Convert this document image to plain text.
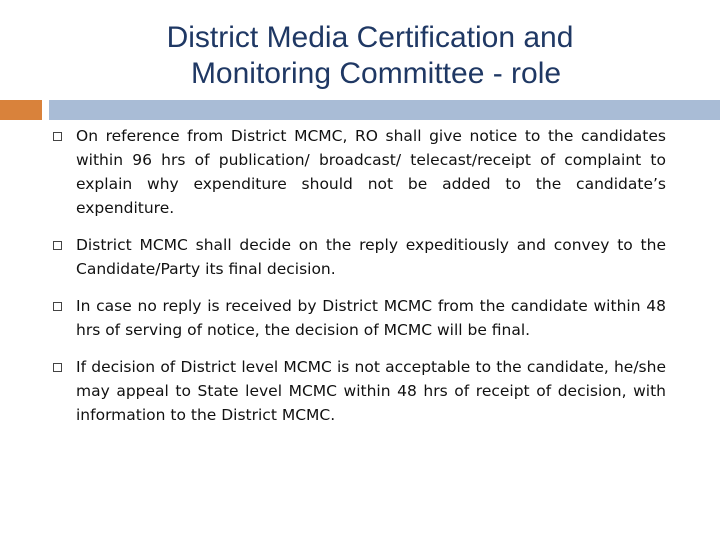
District Media Certification and
Monitoring Committee - role
On reference from District MCMC, RO shall give notice to the candidates within 96 hrs of publication/ broadcast/ telecast/receipt of complaint to explain why expenditure should not be added to the candidate’s expenditure.
District MCMC shall decide on the reply expeditiously and convey to the Candidate/Party its final decision.
In case no reply is received by District MCMC from the candidate within 48 hrs of serving of notice, the decision of MCMC will be final.
If decision of District level MCMC is not acceptable to the candidate, he/she may appeal to State level MCMC within 48 hrs of receipt of decision, with information to the District MCMC.
